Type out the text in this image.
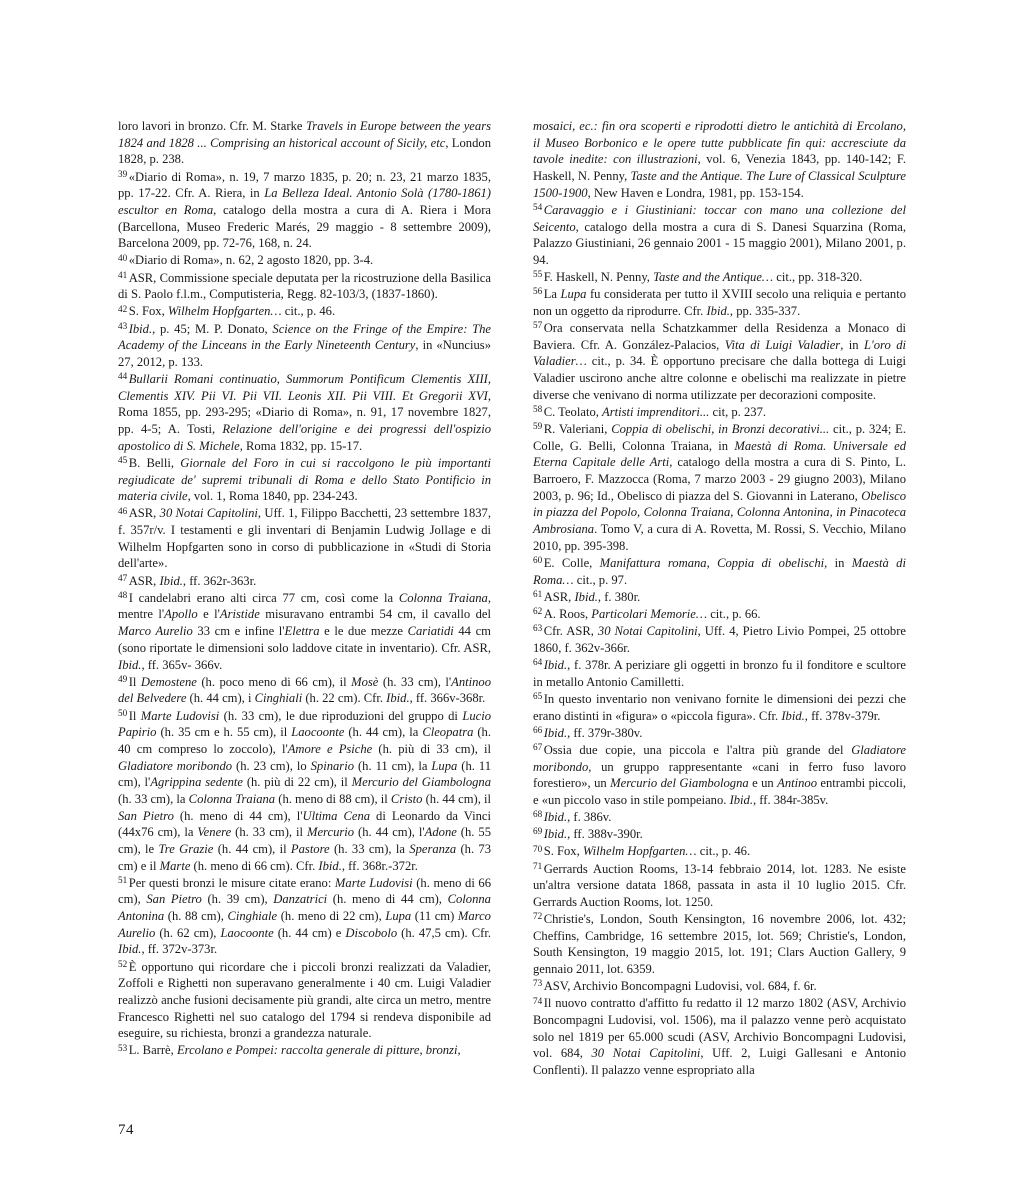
loro lavori in bronzo. Cfr. M. Starke Travels in Europe between the years 1824 and 1828 ... Comprising an historical account of Sicily, etc, London 1828, p. 238.

$^{39}$ «Diario di Roma», n. 19, 7 marzo 1835, p. 20; n. 23, 21 marzo 1835, pp. 17-22. Cfr. A. Riera, in La Belleza Ideal. Antonio Solà (1780-1861) escultor en Roma, catalogo della mostra a cura di A. Riera i Mora (Barcellona, Museo Frederic Marés, 29 maggio - 8 settembre 2009), Barcelona 2009, pp. 72-76, 168, n. 24.

$^{40}$ «Diario di Roma», n. 62, 2 agosto 1820, pp. 3-4.

$^{41}$ ASR, Commissione speciale deputata per la ricostruzione della Basilica di S. Paolo f.l.m., Computisteria, Regg. 82-103/3, (1837-1860).

$^{42}$ S. Fox, Wilhelm Hopfgarten… cit., p. 46.

$^{43}$ Ibid., p. 45; M. P. Donato, Science on the Fringe of the Empire: The Academy of the Linceans in the Early Nineteenth Century, in «Nuncius» 27, 2012, p. 133.

$^{44}$ Bullarii Romani continuatio, Summorum Pontificum Clementis XIII, Clementis XIV. Pii VI. Pii VII. Leonis XII. Pii VIII. Et Gregorii XVI, Roma 1855, pp. 293-295; «Diario di Roma», n. 91, 17 novembre 1827, pp. 4-5; A. Tosti, Relazione dell'origine e dei progressi dell'ospizio apostolico di S. Michele, Roma 1832, pp. 15-17.

$^{45}$ B. Belli, Giornale del Foro in cui si raccolgono le più importanti regiudicate de' supremi tribunali di Roma e dello Stato Pontificio in materia civile, vol. 1, Roma 1840, pp. 234-243.

$^{46}$ ASR, 30 Notai Capitolini, Uff. 1, Filippo Bacchetti, 23 settembre 1837, f. 357r/v. I testamenti e gli inventari di Benjamin Ludwig Jollage e di Wilhelm Hopfgarten sono in corso di pubblicazione in «Studi di Storia dell'arte».

$^{47}$ ASR, Ibid., ff. 362r-363r.

$^{48}$ I candelabri erano alti circa 77 cm, così come la Colonna Traiana, mentre l'Apollo e l'Aristide misuravano entrambi 54 cm, il cavallo del Marco Aurelio 33 cm e infine l'Elettra e le due mezze Cariatidi 44 cm (sono riportate le dimensioni solo laddove citate in inventario). Cfr. ASR, Ibid., ff. 365v- 366v.

$^{49}$ Il Demostene (h. poco meno di 66 cm), il Mosè (h. 33 cm), l'Antinoo del Belvedere (h. 44 cm), i Cinghiali (h. 22 cm). Cfr. Ibid., ff. 366v-368r.

$^{50}$ Il Marte Ludovisi (h. 33 cm), le due riproduzioni del gruppo di Lucio Papirio (h. 35 cm e h. 55 cm), il Laocoonte (h. 44 cm), la Cleopatra (h. 40 cm compreso lo zoccolo), l'Amore e Psiche (h. più di 33 cm), il Gladiatore moribondo (h. 23 cm), lo Spinario (h. 11 cm), la Lupa (h. 11 cm), l'Agrippina sedente (h. più di 22 cm), il Mercurio del Giambologna (h. 33 cm), la Colonna Traiana (h. meno di 88 cm), il Cristo (h. 44 cm), il San Pietro (h. meno di 44 cm), l'Ultima Cena di Leonardo da Vinci (44x76 cm), la Venere (h. 33 cm), il Mercurio (h. 44 cm), l'Adone (h. 55 cm), le Tre Grazie (h. 44 cm), il Pastore (h. 33 cm), la Speranza (h. 73 cm) e il Marte (h. meno di 66 cm). Cfr. Ibid., ff. 368r.-372r.

$^{51}$ Per questi bronzi le misure citate erano: Marte Ludovisi (h. meno di 66 cm), San Pietro (h. 39 cm), Danzatrici (h. meno di 44 cm), Colonna Antonina (h. 88 cm), Cinghiale (h. meno di 22 cm), Lupa (11 cm) Marco Aurelio (h. 62 cm), Laocoonte (h. 44 cm) e Discobolo (h. 47,5 cm). Cfr. Ibid., ff. 372v-373r.

$^{52}$ È opportuno qui ricordare che i piccoli bronzi realizzati da Valadier, Zoffoli e Righetti non superavano generalmente i 40 cm. Luigi Valadier realizzò anche fusioni decisamente più grandi, alte circa un metro, mentre Francesco Righetti nel suo catalogo del 1794 si rendeva disponibile ad eseguire, su richiesta, bronzi a grandezza naturale.

$^{53}$ L. Barrè, Ercolano e Pompei: raccolta generale di pitture, bronzi,

mosaici, ec.: fin ora scoperti e riprodotti dietro le antichità di Ercolano, il Museo Borbonico e le opere tutte pubblicate fin qui: accresciute da tavole inedite: con illustrazioni, vol. 6, Venezia 1843, pp. 140-142; F. Haskell, N. Penny, Taste and the Antique. The Lure of Classical Sculpture 1500-1900, New Haven e Londra, 1981, pp. 153-154.

$^{54}$ Caravaggio e i Giustiniani: toccar con mano una collezione del Seicento, catalogo della mostra a cura di S. Danesi Squarzina (Roma, Palazzo Giustiniani, 26 gennaio 2001 - 15 maggio 2001), Milano 2001, p. 94.

$^{55}$ F. Haskell, N. Penny, Taste and the Antique… cit., pp. 318-320.

$^{56}$ La Lupa fu considerata per tutto il XVIII secolo una reliquia e pertanto non un oggetto da riprodurre. Cfr. Ibid., pp. 335-337.

$^{57}$ Ora conservata nella Schatzkammer della Residenza a Monaco di Baviera. Cfr. A. González-Palacios, Vita di Luigi Valadier, in L'oro di Valadier… cit., p. 34. È opportuno precisare che dalla bottega di Luigi Valadier uscirono anche altre colonne e obelischi ma realizzate in pietre diverse che venivano di norma utilizzate per decorazioni composite.

$^{58}$ C. Teolato, Artisti imprenditori... cit, p. 237.

$^{59}$ R. Valeriani, Coppia di obelischi, in Bronzi decorativi... cit., p. 324; E. Colle, G. Belli, Colonna Traiana, in Maestà di Roma. Universale ed Eterna Capitale delle Arti, catalogo della mostra a cura di S. Pinto, L. Barroero, F. Mazzocca (Roma, 7 marzo 2003 - 29 giugno 2003), Milano 2003, p. 96; Id., Obelisco di piazza del S. Giovanni in Laterano, Obelisco in piazza del Popolo, Colonna Traiana, Colonna Antonina, in Pinacoteca Ambrosiana. Tomo V, a cura di A. Rovetta, M. Rossi, S. Vecchio, Milano 2010, pp. 395-398.

$^{60}$ E. Colle, Manifattura romana, Coppia di obelischi, in Maestà di Roma… cit., p. 97.

$^{61}$ ASR, Ibid., f. 380r.

$^{62}$ A. Roos, Particolari Memorie… cit., p. 66.

$^{63}$ Cfr. ASR, 30 Notai Capitolini, Uff. 4, Pietro Livio Pompei, 25 ottobre 1860, f. 362v-366r.

$^{64}$ Ibid., f. 378r. A periziare gli oggetti in bronzo fu il fonditore e scultore in metallo Antonio Camilletti.

$^{65}$ In questo inventario non venivano fornite le dimensioni dei pezzi che erano distinti in «figura» o «piccola figura». Cfr. Ibid., ff. 378v-379r.

$^{66}$ Ibid., ff. 379r-380v.

$^{67}$ Ossia due copie, una piccola e l'altra più grande del Gladiatore moribondo, un gruppo rappresentante «cani in ferro fuso lavoro forestiero», un Mercurio del Giambologna e un Antinoo entrambi piccoli, e «un piccolo vaso in stile pompeiano. Ibid., ff. 384r-385v.

$^{68}$ Ibid., f. 386v.

$^{69}$ Ibid., ff. 388v-390r.

$^{70}$ S. Fox, Wilhelm Hopfgarten… cit., p. 46.

$^{71}$ Gerrards Auction Rooms, 13-14 febbraio 2014, lot. 1283. Ne esiste un'altra versione datata 1868, passata in asta il 10 luglio 2015. Cfr. Gerrards Auction Rooms, lot. 1250.

$^{72}$ Christie's, London, South Kensington, 16 novembre 2006, lot. 432; Cheffins, Cambridge, 16 settembre 2015, lot. 569; Christie's, London, South Kensington, 19 maggio 2015, lot. 191; Clars Auction Gallery, 9 gennaio 2011, lot. 6359.

$^{73}$ ASV, Archivio Boncompagni Ludovisi, vol. 684, f. 6r.

$^{74}$ Il nuovo contratto d'affitto fu redatto il 12 marzo 1802 (ASV, Archivio Boncompagni Ludovisi, vol. 1506), ma il palazzo venne però acquistato solo nel 1819 per 65.000 scudi (ASV, Archivio Boncompagni Ludovisi, vol. 684, 30 Notai Capitolini, Uff. 2, Luigi Gallesani e Antonio Conflenti). Il palazzo venne espropriato alla

74
